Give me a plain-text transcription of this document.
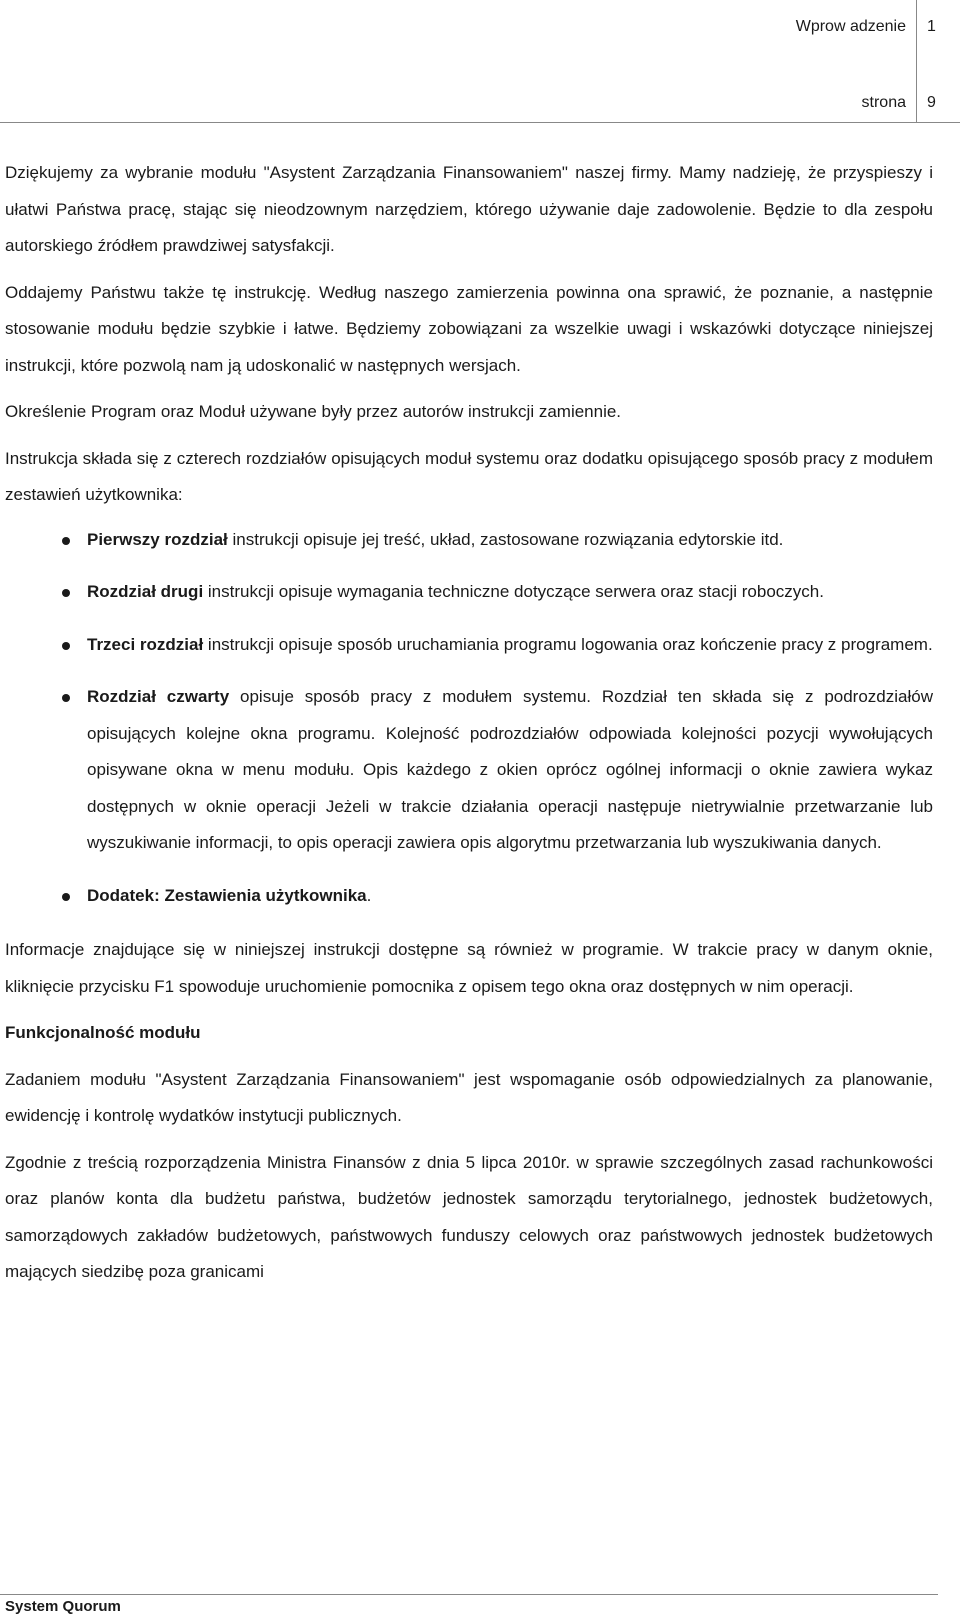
Wprow adzenie	1
strona	9

Dziękujemy za wybranie modułu "Asystent Zarządzania Finansowaniem" naszej firmy. Mamy nadzieję, że przyspieszy i ułatwi Państwa pracę, stając się nieodzownym narzędziem, którego używanie daje zadowolenie. Będzie to dla zespołu autorskiego źródłem prawdziwej satysfakcji.

Oddajemy Państwu także tę instrukcję. Według naszego zamierzenia powinna ona sprawić, że poznanie, a następnie stosowanie modułu będzie szybkie i łatwe. Będziemy zobowiązani za wszelkie uwagi i wskazówki dotyczące niniejszej instrukcji, które pozwolą nam ją udoskonalić w następnych wersjach.

Określenie Program oraz Moduł używane były przez autorów instrukcji zamiennie.

Instrukcja składa się z czterech rozdziałów opisujących moduł systemu oraz dodatku opisującego sposób pracy z modułem zestawień użytkownika:

Pierwszy rozdział instrukcji opisuje jej treść, układ, zastosowane rozwiązania edytorskie itd.
Rozdział drugi instrukcji opisuje wymagania techniczne dotyczące serwera oraz stacji roboczych.
Trzeci rozdział instrukcji opisuje sposób uruchamiania programu logowania oraz kończenie pracy z programem.
Rozdział czwarty opisuje sposób pracy z modułem systemu. Rozdział ten składa się z podrozdziałów opisujących kolejne okna programu. Kolejność podrozdziałów odpowiada kolejności pozycji wywołujących opisywane okna w menu modułu. Opis każdego z okien oprócz ogólnej informacji o oknie zawiera wykaz dostępnych w oknie operacji Jeżeli w trakcie działania operacji następuje nietrywialnie przetwarzanie lub wyszukiwanie informacji, to opis operacji zawiera opis algorytmu przetwarzania lub wyszukiwania danych.
Dodatek: Zestawienia użytkownika.

Informacje znajdujące się w niniejszej instrukcji dostępne są również w programie. W trakcie pracy w danym oknie, kliknięcie przycisku F1 spowoduje uruchomienie pomocnika z opisem tego okna oraz dostępnych w nim operacji.

Funkcjonalność modułu

Zadaniem modułu "Asystent Zarządzania Finansowaniem" jest wspomaganie osób odpowiedzialnych za planowanie, ewidencję i kontrolę wydatków instytucji publicznych.

Zgodnie z treścią rozporządzenia Ministra Finansów z dnia 5 lipca 2010r. w sprawie szczególnych zasad rachunkowości oraz planów konta dla budżetu państwa, budżetów jednostek samorządu terytorialnego, jednostek budżetowych, samorządowych zakładów budżetowych, państwowych funduszy celowych oraz państwowych jednostek budżetowych mających siedzibę poza granicami

System Quorum
